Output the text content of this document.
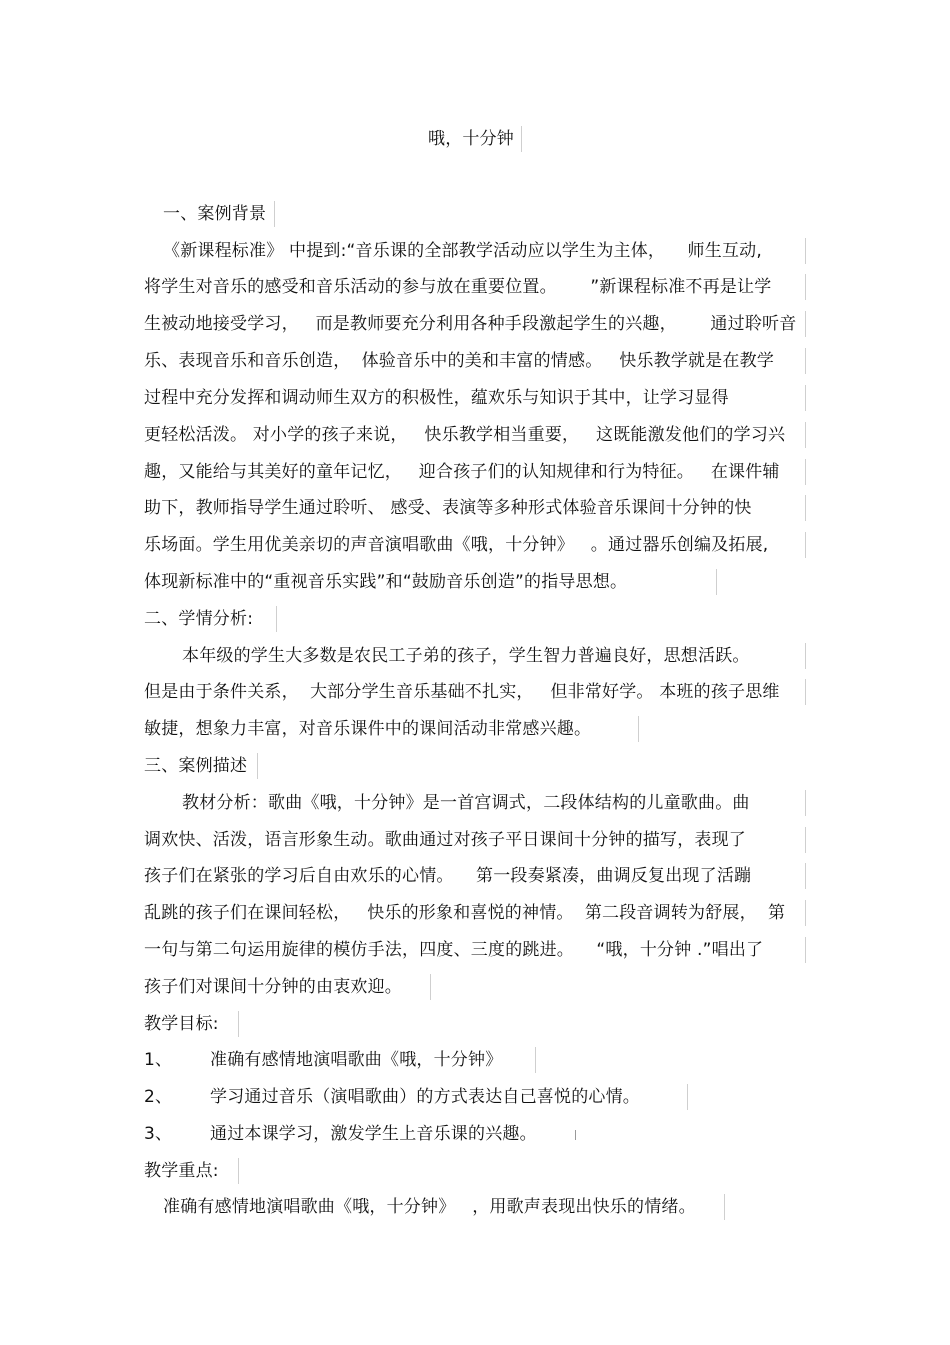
哦，十分钟
一、案例背景
《新课程标准》 中提到:“音乐课的全部教学活动应以学生为主体，    师生互动,
将学生对音乐的感受和音乐活动的参与放在重要位置。      ”新课程标准不再是让学
生被动地接受学习，   而是教师要充分利用各种手段激起学生的兴趣，      通过聆听音
乐、表现音乐和音乐创造，  体验音乐中的美和丰富的情感。   快乐教学就是在教学
过程中充分发挥和调动师生双方的积极性，蕴欢乐与知识于其中，让学习显得
更轻松活泼。 对小学的孩子来说，   快乐教学相当重要，   这既能激发他们的学习兴
趣，又能给与其美好的童年记忆，   迎合孩子们的认知规律和行为特征。   在课件辅
助下，教师指导学生通过聆听、 感受、表演等多种形式体验音乐课间十分钟的快
乐场面。学生用优美亲切的声音演唱歌曲《哦，十分钟》   。通过器乐创编及拓展,
体现新标准中的“重视音乐实践”和“鼓励音乐创造”的指导思想。
二、学情分析:
本年级的学生大多数是农民工子弟的孩子，学生智力普遍良好，思想活跃。
但是由于条件关系，  大部分学生音乐基础不扎实，   但非常好学。 本班的孩子思维
敏捷，想象力丰富，对音乐课件中的课间活动非常感兴趣。
三、案例描述
教材分析：歌曲《哦，十分钟》是一首宫调式，二段体结构的儿童歌曲。曲
调欢快、活泼，语言形象生动。歌曲通过对孩子平日课间十分钟的描写，表现了
孩子们在紧张的学习后自由欢乐的心情。    第一段奏紧凑，曲调反复出现了活蹦
乱跳的孩子们在课间轻松，   快乐的形象和喜悦的神情。  第二段音调转为舒展，  第
一句与第二句运用旋律的模仿手法，四度、三度的跳进。    “哦，十分钟 .”唱出了
孩子们对课间十分钟的由衷欢迎。
教学目标:
1、 准确有感情地演唱歌曲《哦，十分钟》
2、 学习通过音乐（演唱歌曲）的方式表达自己喜悦的心情。
3、 通过本课学习，激发学生上音乐课的兴趣。
教学重点:
准确有感情地演唱歌曲《哦，十分钟》   ，用歌声表现出快乐的情绪。
